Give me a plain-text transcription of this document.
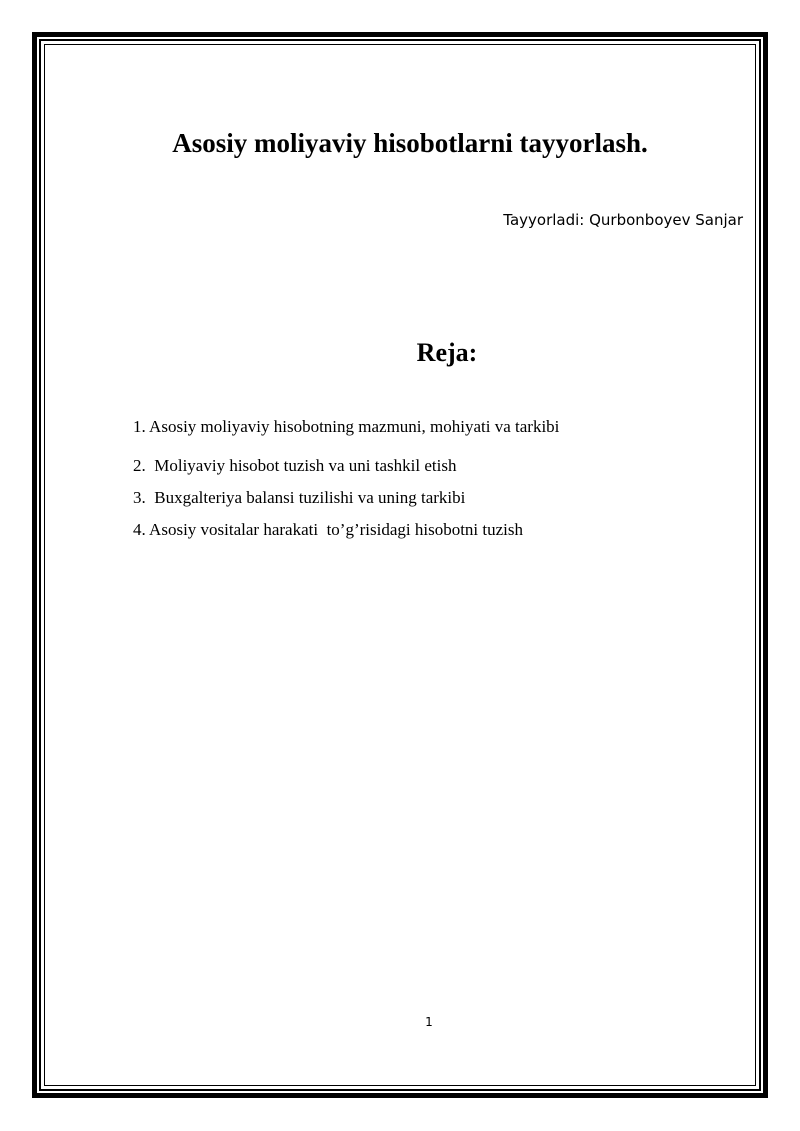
Asosiy moliyaviy hisobotlarni tayyorlash.
Tayyorladi: Qurbonboyev Sanjar
Reja:
1. Asosiy moliyaviy hisobotning mazmuni, mohiyati va tarkibi
2.  Moliyaviy hisobot tuzish va uni tashkil etish
3.  Buxgalteriya balansi tuzilishi va uning tarkibi
4. Asosiy vositalar harakati  to’g’risidagi hisobotni tuzish
1
